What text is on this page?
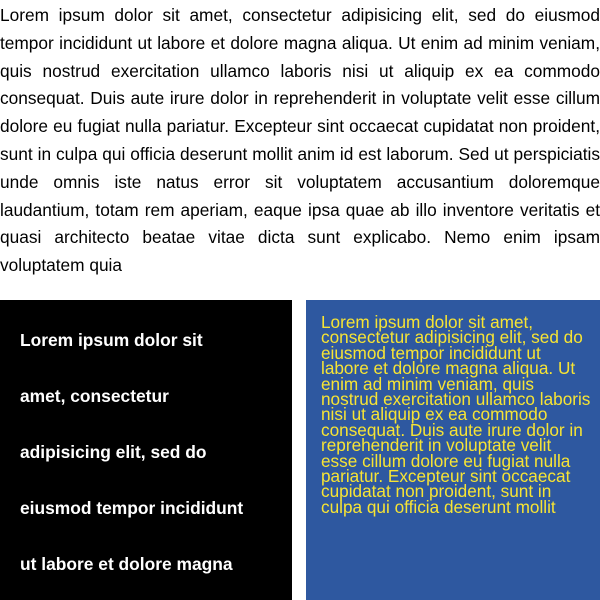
Lorem ipsum dolor sit amet, consectetur adipisicing elit, sed do eiusmod tempor incididunt ut labore et dolore magna aliqua. Ut enim ad minim veniam, quis nostrud exercitation ullamco laboris nisi ut aliquip ex ea commodo consequat. Duis aute irure dolor in reprehenderit in voluptate velit esse cillum dolore eu fugiat nulla pariatur. Excepteur sint occaecat cupidatat non proident, sunt in culpa qui officia deserunt mollit anim id est laborum. Sed ut perspiciatis unde omnis iste natus error sit voluptatem accusantium doloremque laudantium, totam rem aperiam, eaque ipsa quae ab illo inventore veritatis et quasi architecto beatae vitae dicta sunt explicabo. Nemo enim ipsam voluptatem quia

Lorem ipsum dolor sit
amet, consectetur
adipisicing elit, sed do
eiusmod tempor incididunt
ut labore et dolore magna

Lorem ipsum dolor sit amet, consectetur adipisicing elit, sed do eiusmod tempor incididunt ut labore et dolore magna aliqua. Ut enim ad minim veniam, quis nostrud exercitation ullamco laboris nisi ut aliquip ex ea commodo consequat. Duis aute irure dolor in reprehenderit in voluptate velit esse cillum dolore eu fugiat nulla pariatur. Excepteur sint occaecat cupidatat non proident, sunt in culpa qui officia deserunt mollit
